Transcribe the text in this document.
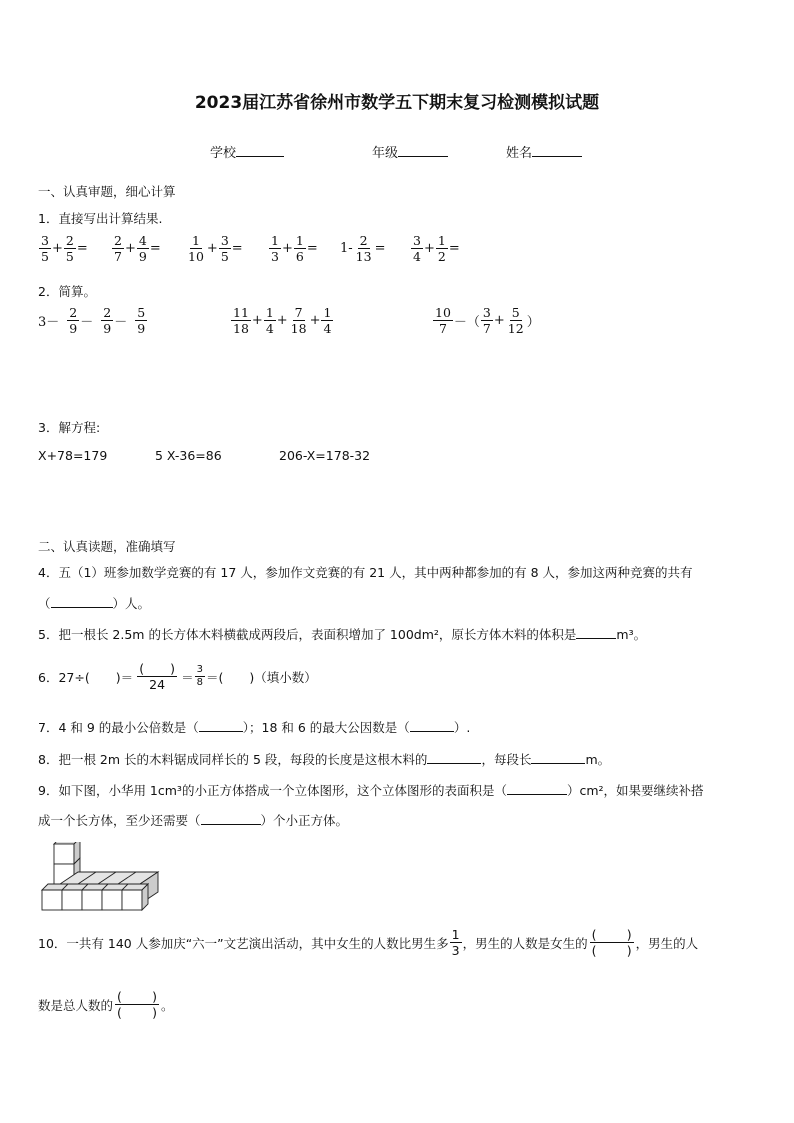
2023届江苏省徐州市数学五下期末复习检测模拟试题
学校	年级	姓名
一、认真审题，细心计算
1．直接写出计算结果.
$\frac{3}{5} + \frac{2}{5} = \frac{2}{7} + \frac{4}{9} = \frac{1}{10} + \frac{3}{5} = \frac{1}{3} + \frac{1}{6} = 1- \frac{2}{13} = \frac{3}{4} + \frac{1}{2}$ =
2．简算。
$3- \frac{2}{9} - \frac{2}{9} - \frac{5}{9}$	$\frac{11}{18} + \frac{1}{4} + \frac{7}{18} + \frac{1}{4}$	$\frac{10}{7}$ －（ $\frac{3}{7} + \frac{5}{12}$ ）
3．解方程:
X+78=179	5 X-36=86	206-X=178-32
二、认真读题，准确填写
4．五（1）班参加数学竞赛的有 17 人，参加作文竞赛的有 21 人，其中两种都参加的有 8 人，参加这两种竞赛的共有
（	）人。
5．把一根长 2.5m 的长方体木料横截成两段后，表面积增加了 100dm²，原长方体木料的体积是	m³。
6．27÷( )＝ $\frac{( )}{24} = \frac{3}{8}$ ＝( )（填小数）
7．4 和 9 的最小公倍数是（	）；18 和 6 的最大公因数是（	）.
8．把一根 2m 长的木料锯成同样长的 5 段，每段的长度是这根木料的	，每段长	m。
9．如下图，小华用 1cm³的小正方体搭成一个立体图形，这个立体图形的表面积是（	）cm²，如果要继续补搭
成一个长方体，至少还需要（	）个小正方体。
10．一共有 140 人参加庆“六一”文艺演出活动，其中女生的人数比男生多 $\frac{1}{3}$ ，男生的人数是女生的 $\frac{( )}{( )}$ ，男生的人
数是总人数的 $\frac{( )}{( )}$ 。
